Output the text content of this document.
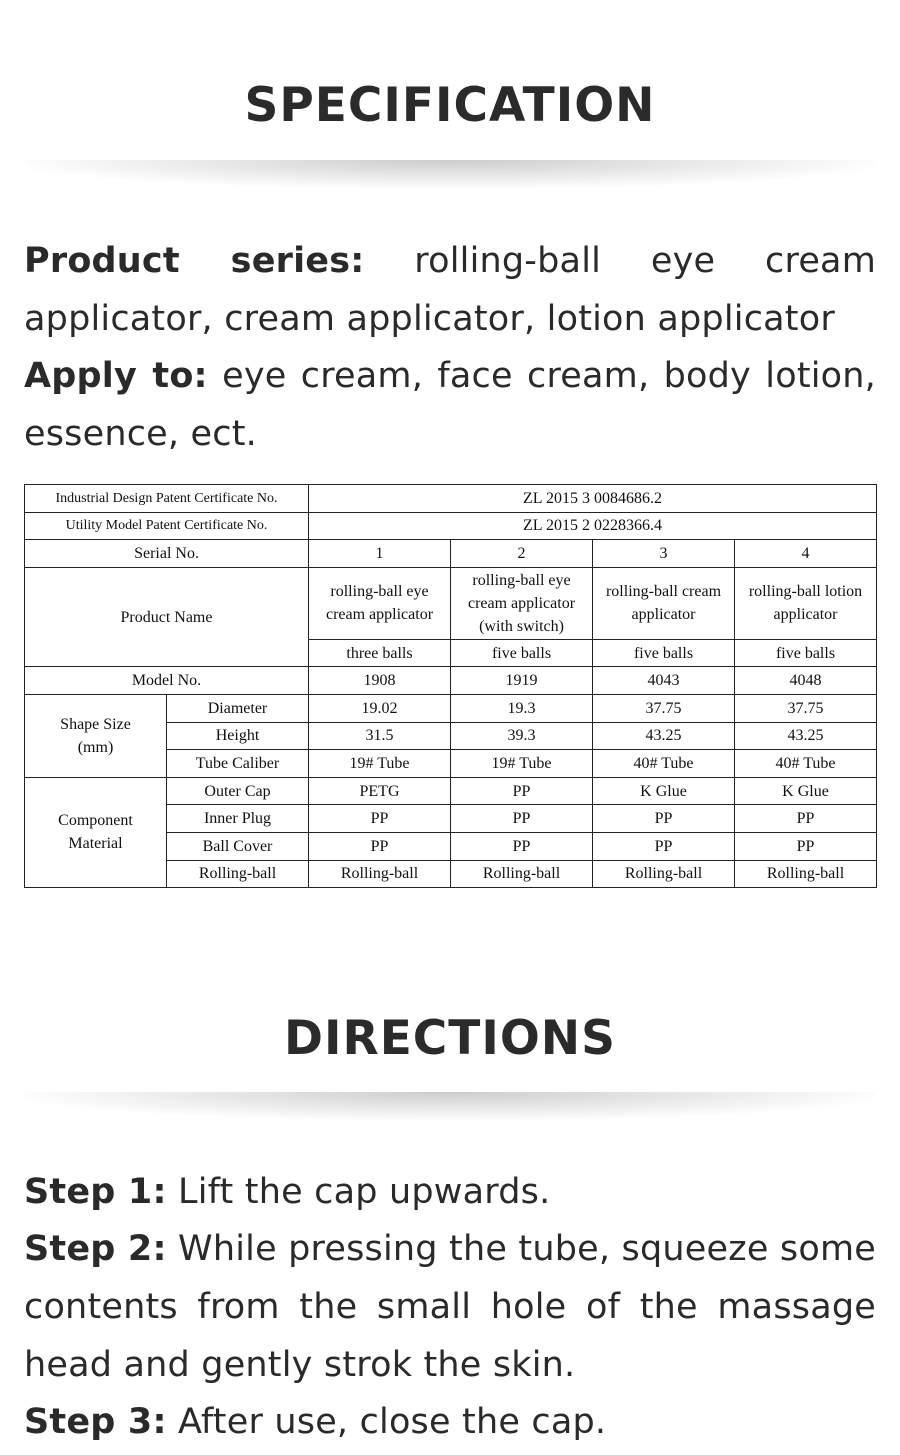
SPECIFICATION

Product series: rolling-ball eye cream applicator, cream applicator, lotion applicator

Apply to: eye cream, face cream, body lotion, essence, ect.

Industrial Design Patent Certificate No.		ZL 2015 3 0084686.2			
Utility Model Patent Certificate No.		ZL 2015 2 0228366.4			
Serial No.		1	2	3	4
Product Name		rolling-ball eye cream applicator	rolling-ball eye cream applicator (with switch)	rolling-ball cream applicator	rolling-ball lotion applicator
		three balls	five balls	five balls	five balls
Model No.		1908	1919	4043	4048
Shape Size (mm)	Diameter	19.02	19.3	37.75	37.75
	Height	31.5	39.3	43.25	43.25
	Tube Caliber	19# Tube	19# Tube	40# Tube	40# Tube
Component Material	Outer Cap	PETG	PP	K Glue	K Glue
	Inner Plug	PP	PP	PP	PP
	Ball Cover	PP	PP	PP	PP
	Rolling-ball	Rolling-ball	Rolling-ball	Rolling-ball	Rolling-ball
DIRECTIONS

Step 1: Lift the cap upwards.

Step 2: While pressing the tube, squeeze some contents from the small hole of the massage head and gently strok the skin.

Step 3: After use, close the cap.
